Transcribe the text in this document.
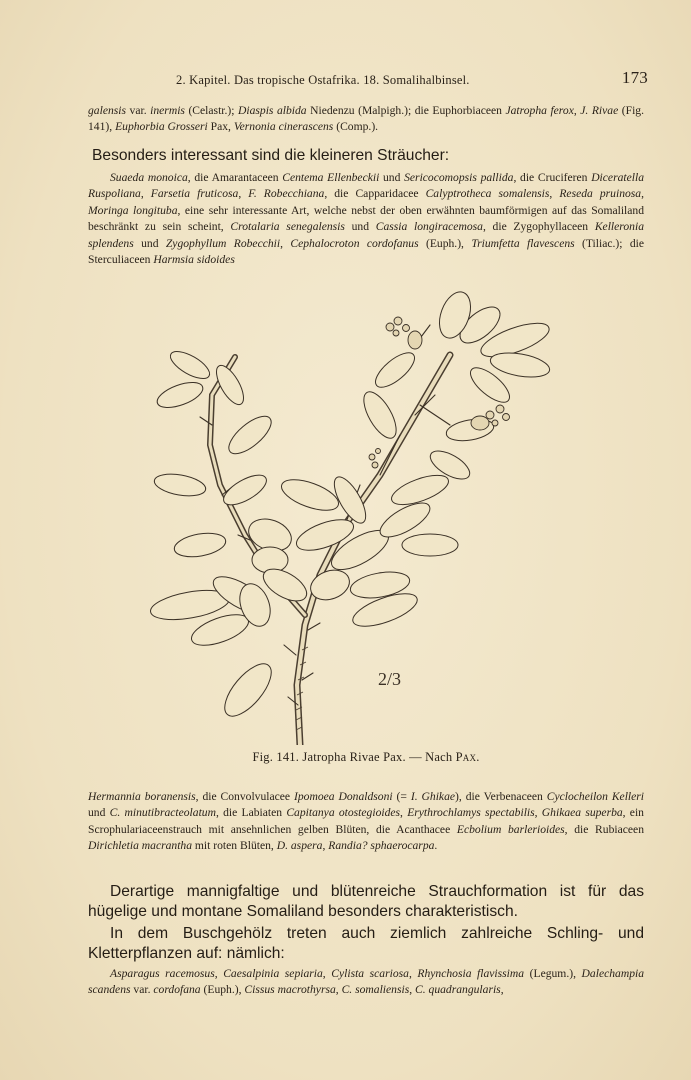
2. Kapitel. Das tropische Ostafrika. 18. Somalihalbinsel.	173
galensis var. inermis (Celastr.); Diaspis albida Niedenzu (Malpigh.); die Euphorbiaceen Jatropha ferox, J. Rivae (Fig. 141), Euphorbia Grosseri Pax, Vernonia cinerascens (Comp.).
Besonders interessant sind die kleineren Sträucher:
Suaeda monoica, die Amarantaceen Centema Ellenbeckii und Sericocomopsis pallida, die Cruciferen Diceratella Ruspoliana, Farsetia fruticosa, F. Robecchiana, die Capparidacee Calyptrotheca somalensis, Reseda pruinosa, Moringa longituba, eine sehr interessante Art, welche nebst der oben erwähnten baumförmigen auf das Somaliland beschränkt zu sein scheint, Crotalaria senegalensis und Cassia longiracemosa, die Zygophyllaceen Kelleronia splendens und Zygophyllum Robecchii, Cephalocroton cordofanus (Euph.), Triumfetta flavescens (Tiliac.); die Sterculiaceen Harmsia sidoides
2/3
Fig. 141. Jatropha Rivae Pax. — Nach Pax.
Hermannia boranensis, die Convolvulacee Ipomoea Donaldsoni (= I. Ghikae), die Verbenaceen Cyclocheilon Kelleri und C. minutibracteolatum, die Labiaten Capitanya otostegioides, Erythrochlamys spectabilis, Ghikaea superba, ein Scrophulariaceenstrauch mit ansehnlichen gelben Blüten, die Acanthacee Ecbolium barlerioides, die Rubiaceen Dirichletia macrantha mit roten Blüten, D. aspera, Randia? sphaerocarpa.
Derartige mannigfaltige und blütenreiche Strauchformation ist für das hügelige und montane Somaliland besonders charakteristisch.
In dem Buschgehölz treten auch ziemlich zahlreiche Schling- und Kletterpflanzen auf: nämlich:
Asparagus racemosus, Caesalpinia sepiaria, Cylista scariosa, Rhynchosia flavissima (Legum.), Dalechampia scandens var. cordofana (Euph.), Cissus macrothyrsa, C. somaliensis, C. quadrangularis,
